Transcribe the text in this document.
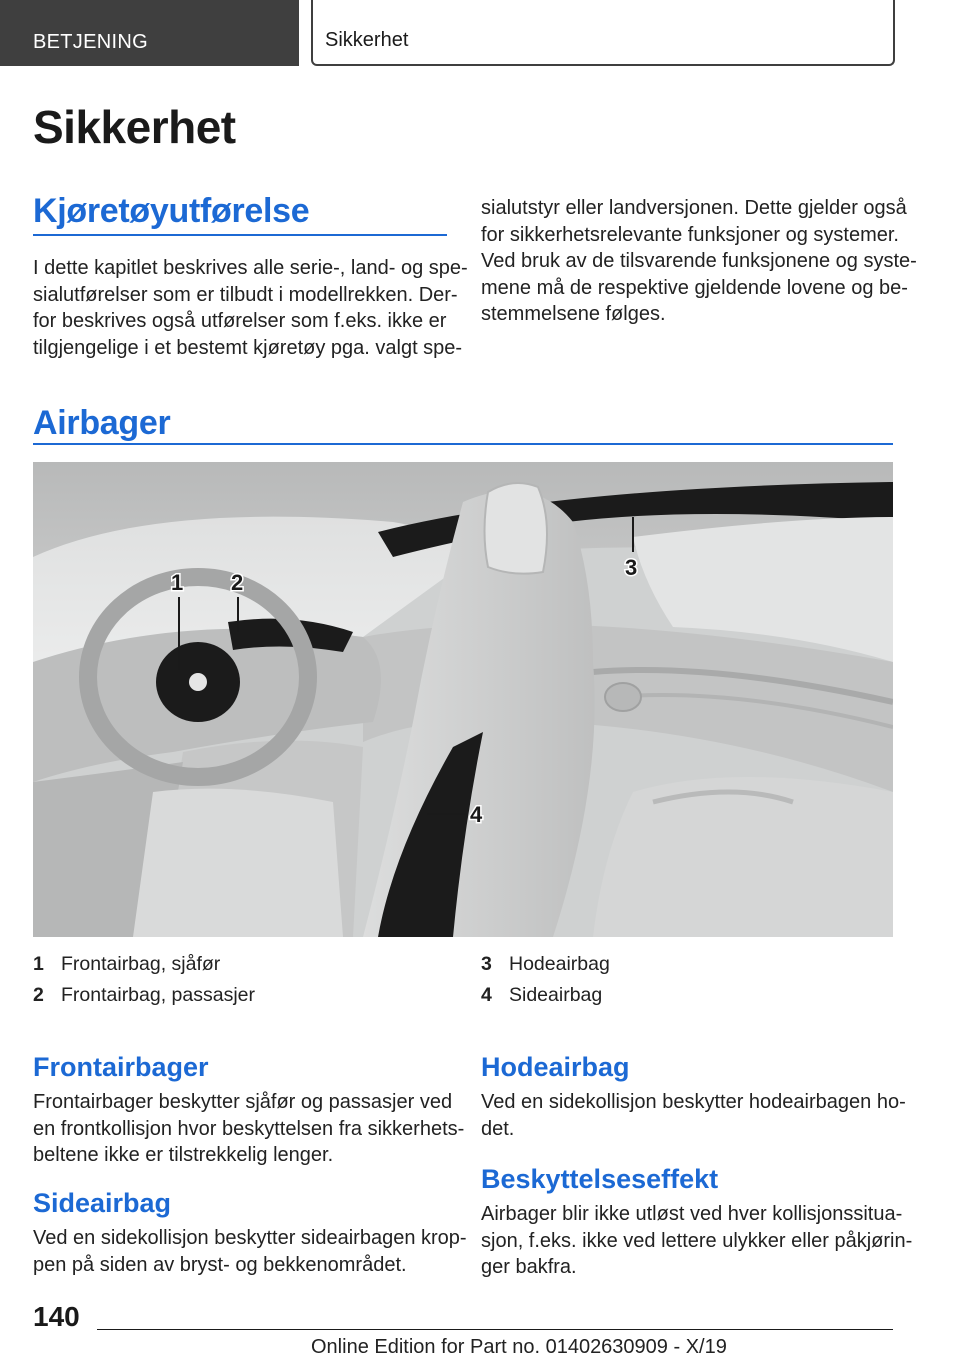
BETJENING	Sikkerhet
Sikkerhet
Kjøretøyutførelse
I dette kapitlet beskrives alle serie-, land- og spe-
sialutførelser som er tilbudt i modellrekken. Der-
for beskrives også utførelser som f.eks. ikke er
tilgjengelige i et bestemt kjøretøy pga. valgt spe-
sialutstyr eller landversjonen. Dette gjelder også
for sikkerhetsrelevante funksjoner og systemer.
Ved bruk av de tilsvarende funksjonene og syste-
mene må de respektive gjeldende lovene og be-
stemmelsene følges.
Airbager
1 2
3
4
1 Frontairbag, sjåfør
2 Frontairbag, passasjer
3 Hodeairbag
4 Sideairbag
Frontairbager
Frontairbager beskytter sjåfør og passasjer ved
en frontkollisjon hvor beskyttelsen fra sikkerhets-
beltene ikke er tilstrekkelig lenger.
Sideairbag
Ved en sidekollisjon beskytter sideairbagen krop-
pen på siden av bryst- og bekkenområdet.
Hodeairbag
Ved en sidekollisjon beskytter hodeairbagen ho-
det.
Beskyttelseseffekt
Airbager blir ikke utløst ved hver kollisjonssitua-
sjon, f.eks. ikke ved lettere ulykker eller påkjørin-
ger bakfra.
140
Online Edition for Part no. 01402630909 - X/19
